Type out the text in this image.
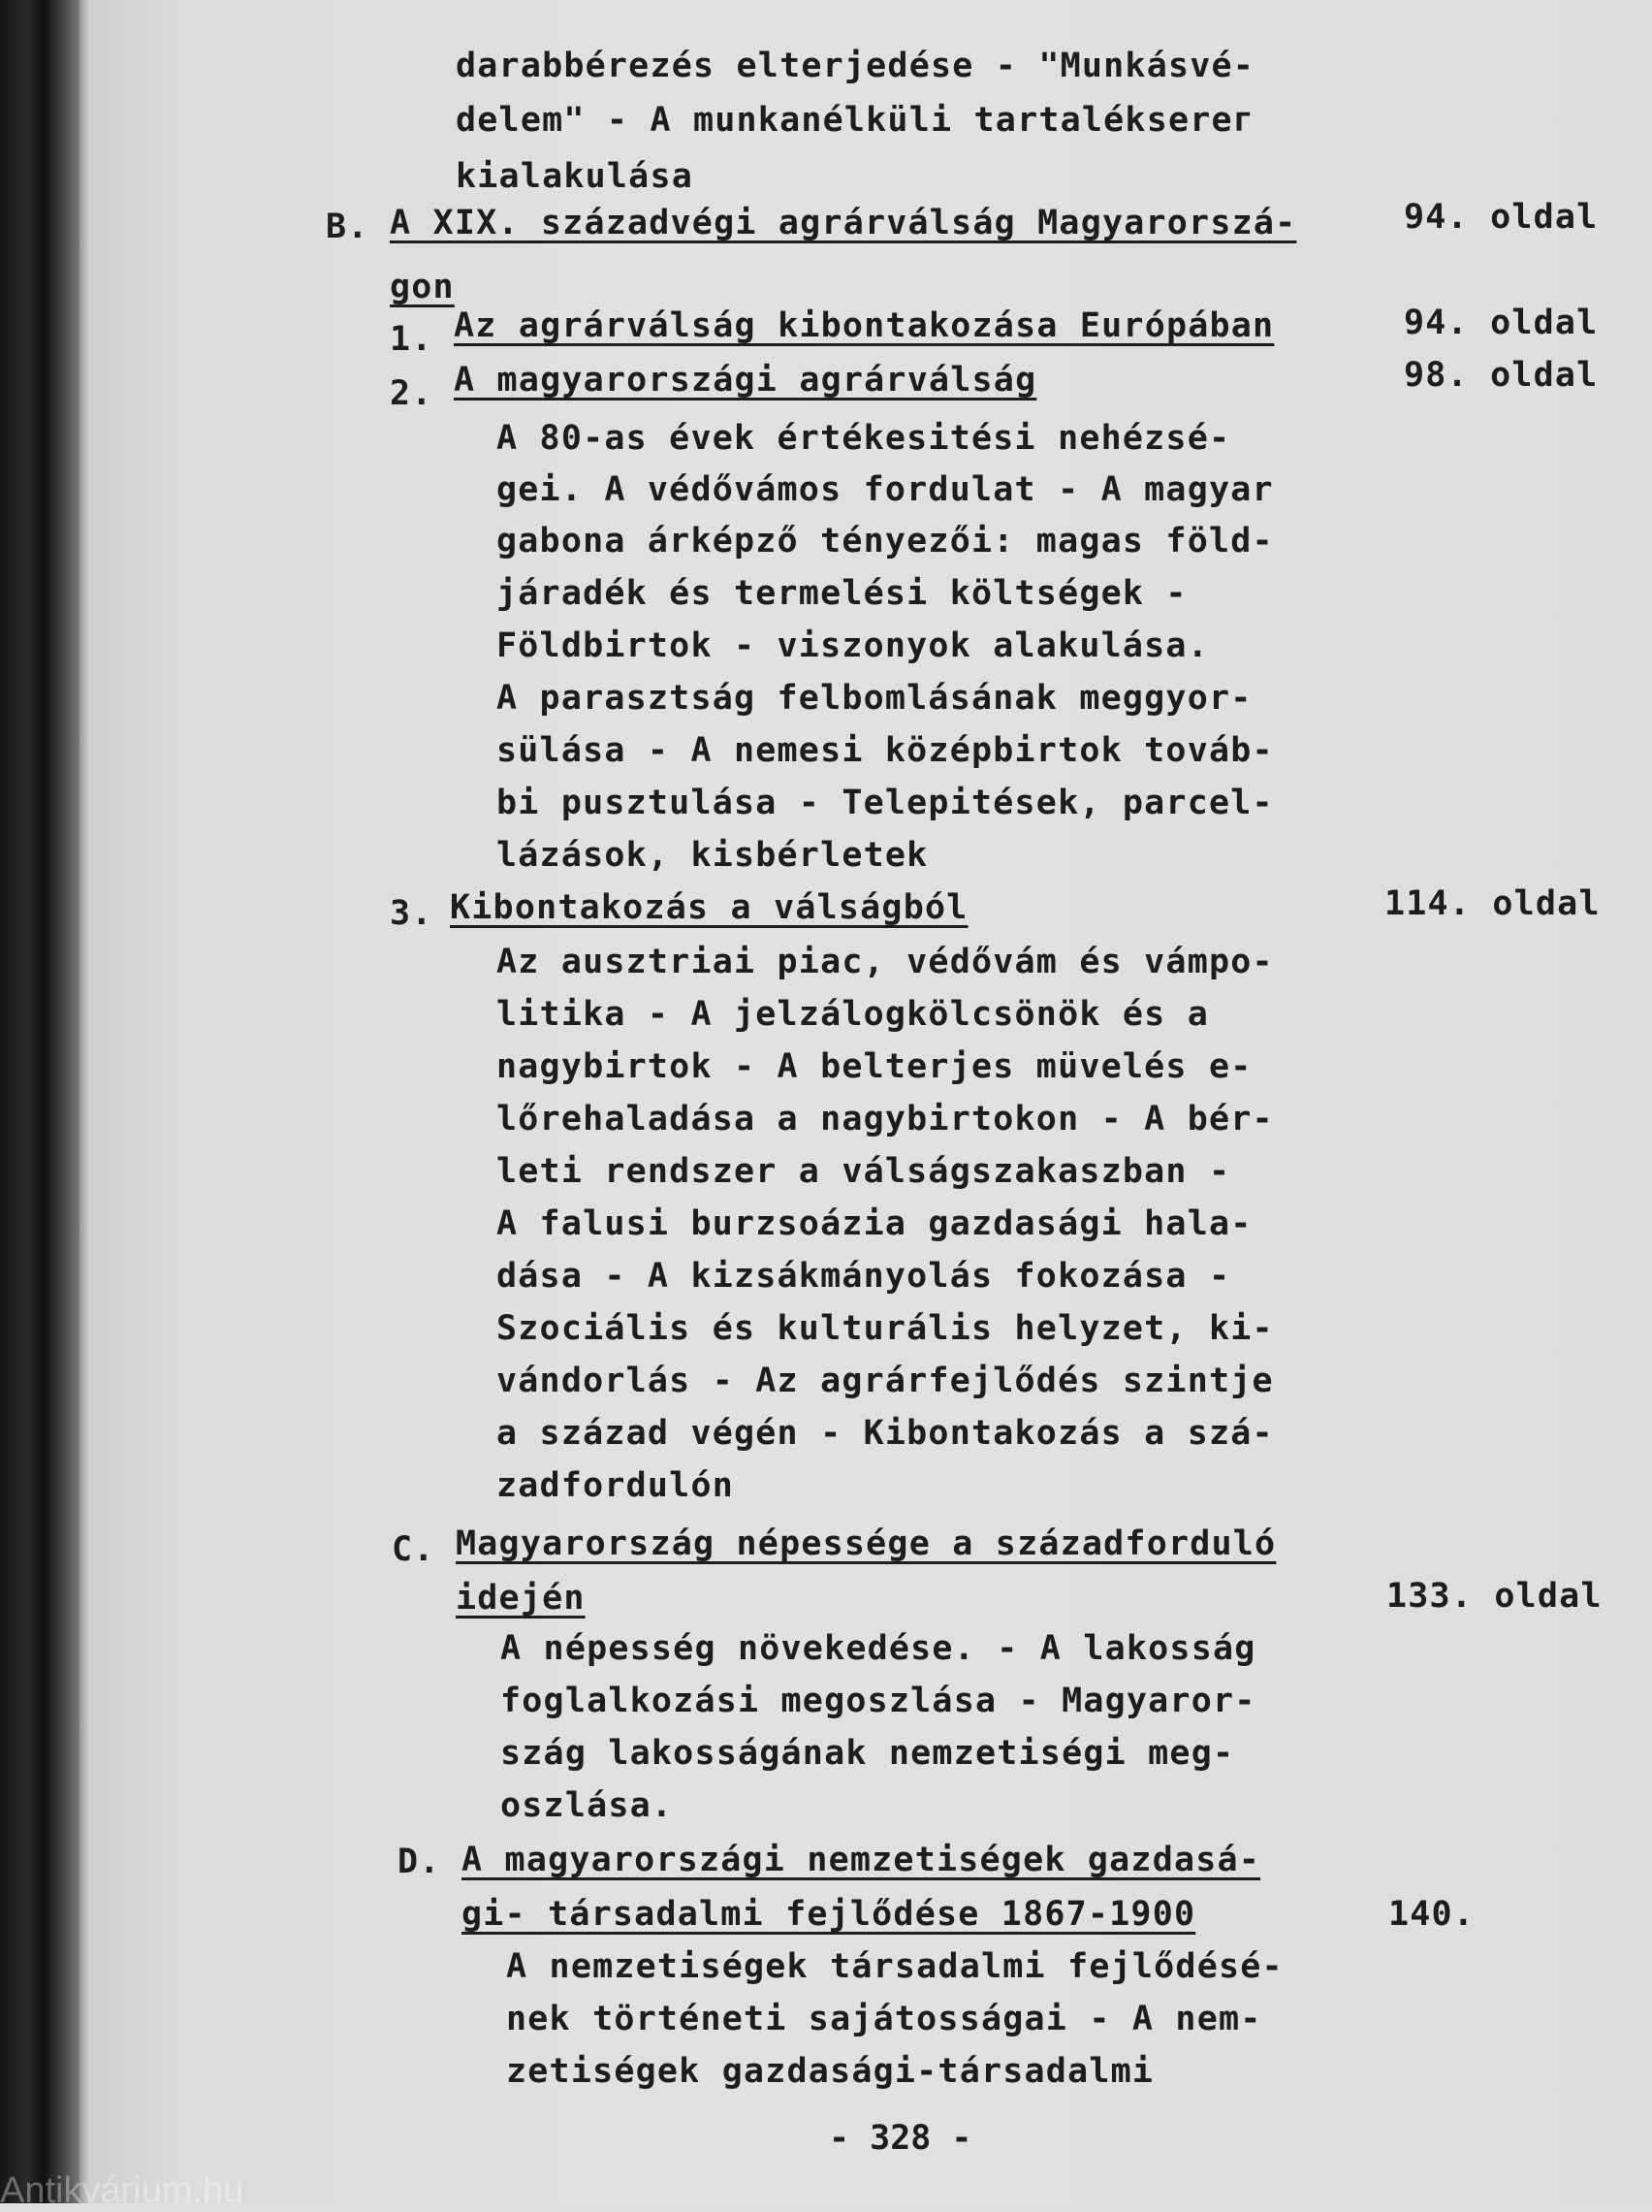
darabbérezés elterjedése - "Munkásvé-
delem" - A munkanélküli tartalékserег
kialakulása
B. A XIX. századvégi agrárválság Magyarorszá-
gon
94. oldal
1. Az agrárválság kibontakozása Európában	94. oldal
2. A magyarországi agrárválság	98. oldal
A 80-as évek értékesitési nehézsé-
gei. A védővámos fordulat - A magyar
gabona árképző tényezői: magas föld-
járadék és termelési költségek -
Földbirtok - viszonyok alakulása.
A parasztság felbomlásának meggyor-
sülása - A nemesi középbirtok továb-
bi pusztulása - Telepitések, parcel-
lázások, kisbérletek
3. Kibontakozás a válságból	114. oldal
Az ausztriai piac, védővám és vámpo-
litika - A jelzálogkölcsönök és a
nagybirtok - A belterjes müvelés e-
lőrehaladása a nagybirtokon - A bér-
leti rendszer a válságszakaszban -
A falusi burzsoázia gazdasági hala-
dása - A kizsákmányolás fokozása -
Szociális és kulturális helyzet, ki-
vándorlás - Az agrárfejlődés szintje
a század végén - Kibontakozás a szá-
zadfordulón
C. Magyarország népessége a századforduló
idején	133. oldal
A népesség növekedése. - A lakosság
foglalkozási megoszlása - Magyaror-
szág lakosságának nemzetiségi meg-
oszlása.
D. A magyarországi nemzetiségek gazdasá-
gi- társadalmi fejlődése 1867-1900	140.
A nemzetiségek társadalmi fejlődésé-
nek történeti sajátosságai - A nem-
zetiségek gazdasági-társadalmi
- 328 -
Antikvárium.hu
